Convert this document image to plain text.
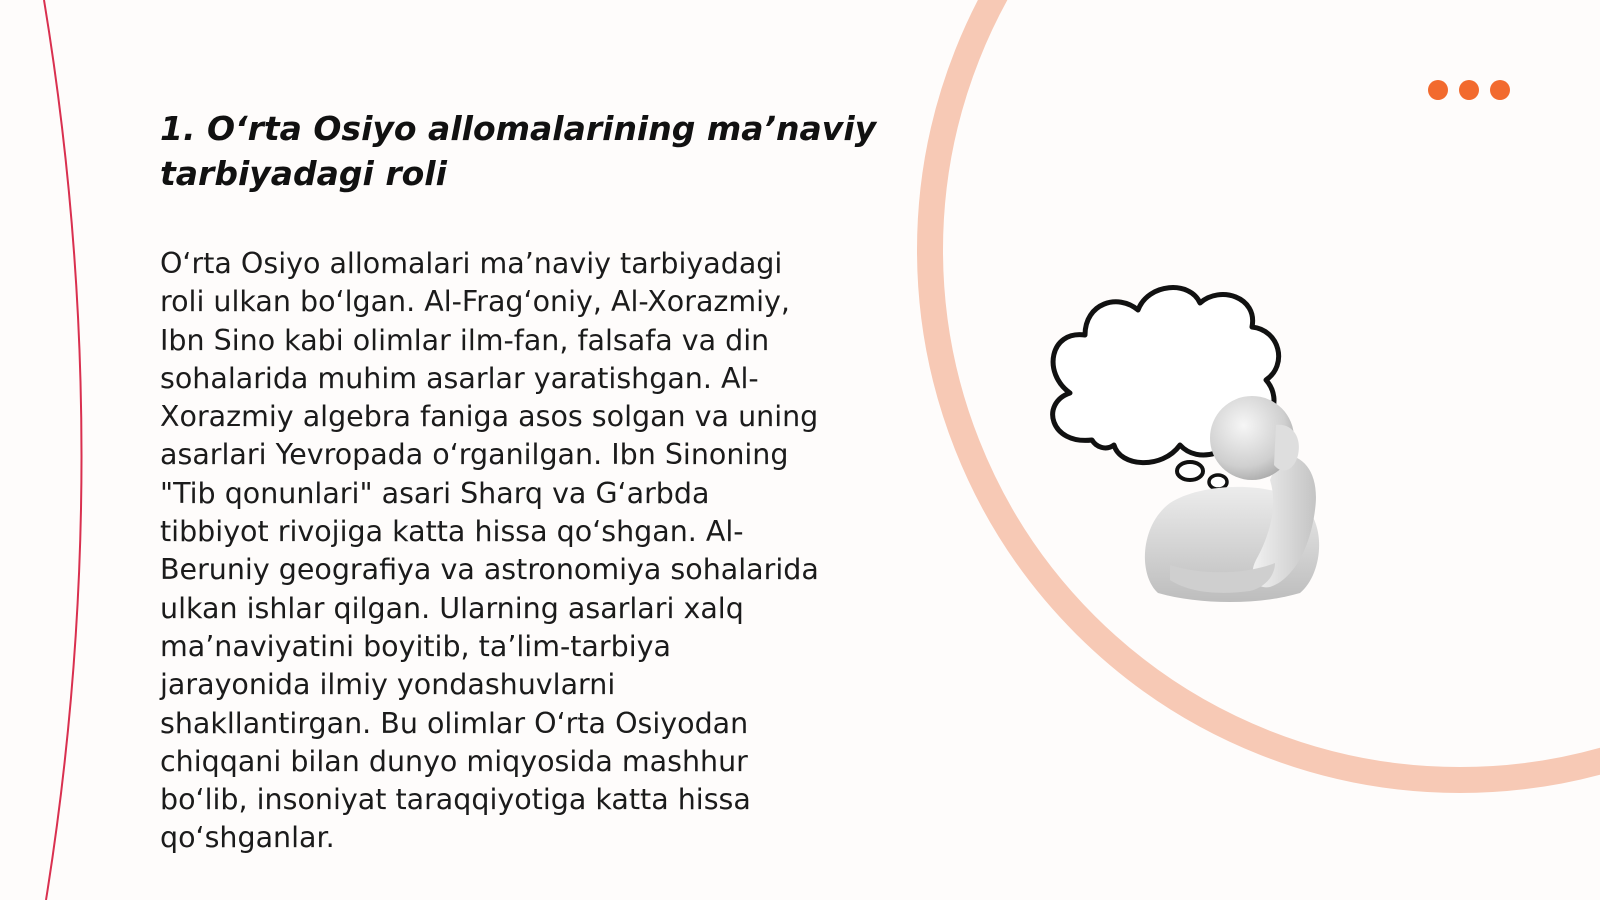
1. O‘rta Osiyo allomalarining ma’naviy tarbiyadagi roli

O‘rta Osiyo allomalari ma’naviy tarbiyadagi roli ulkan bo‘lgan. Al-Frag‘oniy, Al-Xorazmiy, Ibn Sino kabi olimlar ilm-fan, falsafa va din sohalarida muhim asarlar yaratishgan. Al-Xorazmiy algebra faniga asos solgan va uning asarlari Yevropada o‘rganilgan. Ibn Sinoning "Tib qonunlari" asari Sharq va G‘arbda tibbiyot rivojiga katta hissa qo‘shgan. Al-Beruniy geografiya va astronomiya sohalarida ulkan ishlar qilgan. Ularning asarlari xalq ma’naviyatini boyitib, ta’lim-tarbiya jarayonida ilmiy yondashuvlarni shakllantirgan. Bu olimlar O‘rta Osiyodan chiqqani bilan dunyo miqyosida mashhur bo‘lib, insoniyat taraqqiyotiga katta hissa qo‘shganlar.
